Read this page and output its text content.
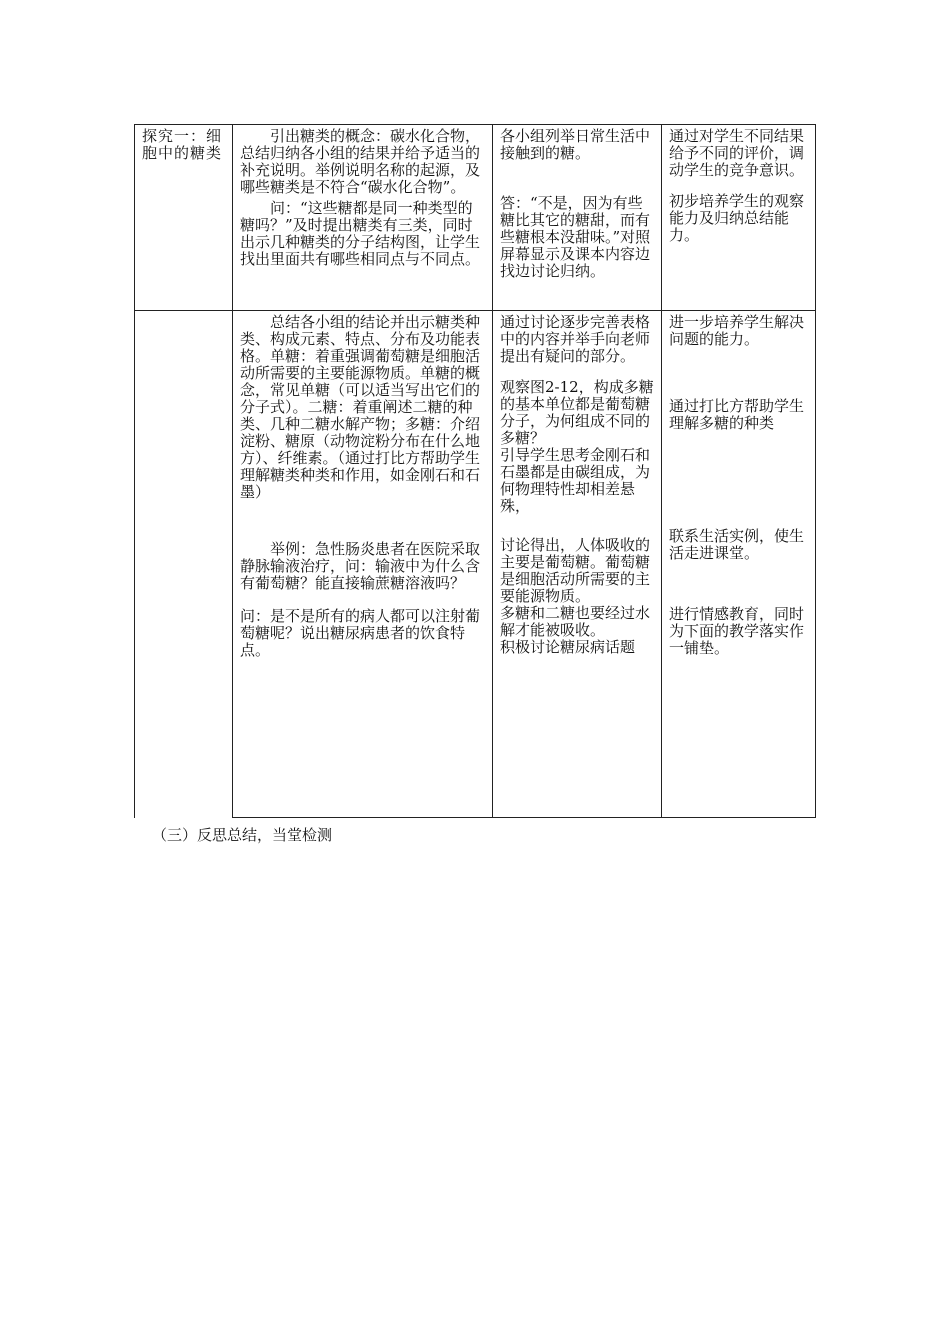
探究一：细胞中的糖类

引出糖类的概念：碳水化合物，总结归纳各小组的结果并给予适当的补充说明。举例说明名称的起源，及哪些糖类是不符合“碳水化合物”。

问：“这些糖都是同一种类型的糖吗？”及时提出糖类有三类，同时出示几种糖类的分子结构图，让学生找出里面共有哪些相同点与不同点。

各小组列举日常生活中接触到的糖。

答：“不是，因为有些糖比其它的糖甜，而有些糖根本没甜味。”对照屏幕显示及课本内容边找边讨论归纳。

通过对学生不同结果给予不同的评价，调动学生的竞争意识。

初步培养学生的观察能力及归纳总结能力。

总结各小组的结论并出示糖类种类、构成元素、特点、分布及功能表格。单糖：着重强调葡萄糖是细胞活动所需要的主要能源物质。单糖的概念，常见单糖（可以适当写出它们的分子式）。二糖：着重阐述二糖的种类、几种二糖水解产物；多糖：介绍淀粉、糖原（动物淀粉分布在什么地方）、纤维素。（通过打比方帮助学生理解糖类种类和作用，如金刚石和石墨）

举例：急性肠炎患者在医院采取静脉输液治疗，问：输液中为什么含有葡萄糖？能直接输蔗糖溶液吗？

问：是不是所有的病人都可以注射葡萄糖呢？说出糖尿病患者的饮食特点。

通过讨论逐步完善表格中的内容并举手向老师提出有疑问的部分。

观察图2-12，构成多糖的基本单位都是葡萄糖分子，为何组成不同的多糖？

引导学生思考金刚石和石墨都是由碳组成，为何物理特性却相差悬殊，

讨论得出，人体吸收的主要是葡萄糖。葡萄糖是细胞活动所需要的主要能源物质。

多糖和二糖也要经过水解才能被吸收。

积极讨论糖尿病话题

进一步培养学生解决问题的能力。

通过打比方帮助学生理解多糖的种类

联系生活实例，使生活走进课堂。

进行情感教育，同时为下面的教学落实作一铺垫。

（三）反思总结，当堂检测
